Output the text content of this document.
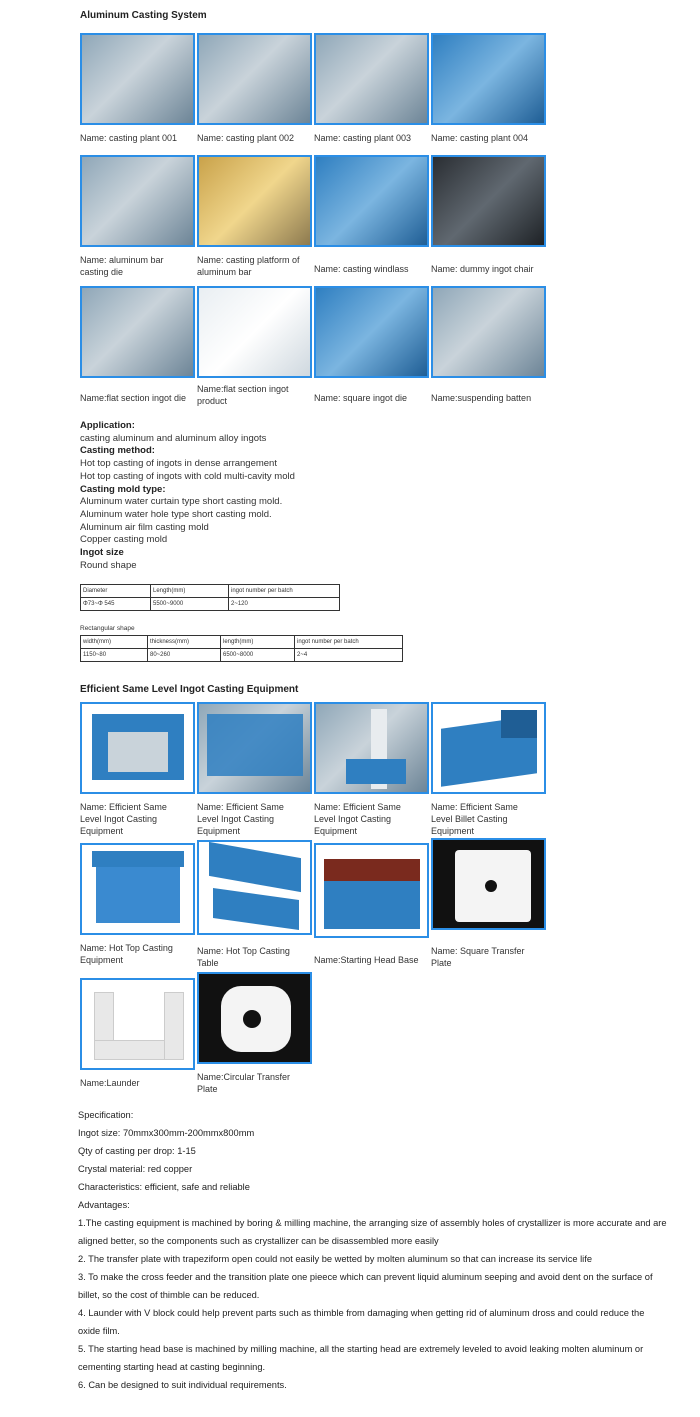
Aluminum Casting System
Name: casting plant 001	Name: casting plant 002	Name: casting plant 003	Name: casting plant 004
Name: aluminum bar casting die
Name: casting platform of aluminum bar	Name: casting windlass	Name: dummy ingot chair
Name:flat section ingot die
Name:flat section ingot product	Name: square ingot die	Name:suspending batten
Application:
casting aluminum and aluminum alloy ingots
Casting method:
Hot top casting of ingots in dense arrangement
Hot top casting of ingots with cold multi-cavity mold
Casting mold type:
Aluminum water curtain type short casting mold.
Aluminum water hole type short casting mold.
Aluminum air film casting mold
Copper casting mold
Ingot size
Round shape
Diameter	Length(mm)	ingot number per batch
Φ73~Φ 545	5500~9000	2~120
Rectangular shape
width(mm)	thickness(mm)	length(mm)	ingot number per batch
1150~80	80~260	6500~8000	2~4
Efficient Same Level Ingot Casting Equipment
Name: Efficient Same Level Ingot Casting Equipment
Name: Efficient Same Level Ingot Casting Equipment
Name: Efficient Same Level Ingot Casting Equipment
Name: Efficient Same Level Billet Casting Equipment
Name: Hot Top Casting Equipment
Name: Hot Top Casting Table	Name:Starting Head Base
Name: Square Transfer Plate
Name:Launder
Name:Circular Transfer Plate

Specification:

Ingot size: 70mmx300mm-200mmx800mm

Qty of casting per drop: 1-15

Crystal material: red copper

Characteristics: efficient, safe and reliable

Advantages:

1.The casting equipment is machined by boring & milling machine, the arranging size of assembly holes of crystallizer is more accurate and are aligned better, so the components such as crystallizer can be disassembled more easily

2. The transfer plate with trapeziform open could not easily be wetted by molten aluminum so that can increase its service life

3. To make the cross feeder and the transition plate one pieece which can prevent liquid aluminum seeping and avoid dent on the surface of billet, so the cost of thimble can be reduced.

4. Launder with V block could help prevent parts such as thimble from damaging when getting rid of aluminum dross and could reduce the oxide film.

5. The starting head base is machined by milling machine, all the starting head are extremely leveled to avoid leaking molten aluminum or cementing starting head at casting beginning.

6. Can be designed to suit individual requirements.
